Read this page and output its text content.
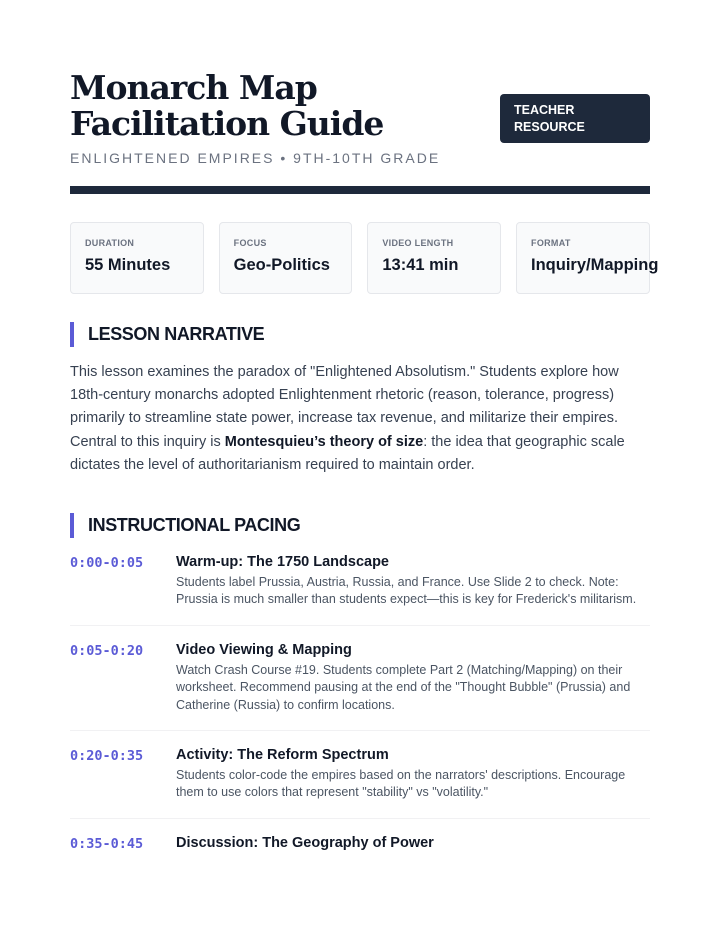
Monarch Map Facilitation Guide
ENLIGHTENED EMPIRES • 9TH-10TH GRADE
TEACHER RESOURCE
DURATION
55 Minutes
FOCUS
Geo-Politics
VIDEO LENGTH
13:41 min
FORMAT
Inquiry/Mapping
LESSON NARRATIVE

This lesson examines the paradox of "Enlightened Absolutism." Students explore how 18th-century monarchs adopted Enlightenment rhetoric (reason, tolerance, progress) primarily to streamline state power, increase tax revenue, and militarize their empires. Central to this inquiry is Montesquieu’s theory of size: the idea that geographic scale dictates the level of authoritarianism required to maintain order.

INSTRUCTIONAL PACING
0:00-0:05	Warm-up: The 1750 Landscape
Students label Prussia, Austria, Russia, and France. Use Slide 2 to check. Note: Prussia is much smaller than students expect—this is key for Frederick's militarism.
0:05-0:20	Video Viewing & Mapping
Watch Crash Course #19. Students complete Part 2 (Matching/Mapping) on their worksheet. Recommend pausing at the end of the "Thought Bubble" (Prussia) and Catherine (Russia) to confirm locations.
0:20-0:35	Activity: The Reform Spectrum
Students color-code the empires based on the narrators' descriptions. Encourage them to use colors that represent "stability" vs "volatility."
0:35-0:45	Discussion: The Geography of Power
